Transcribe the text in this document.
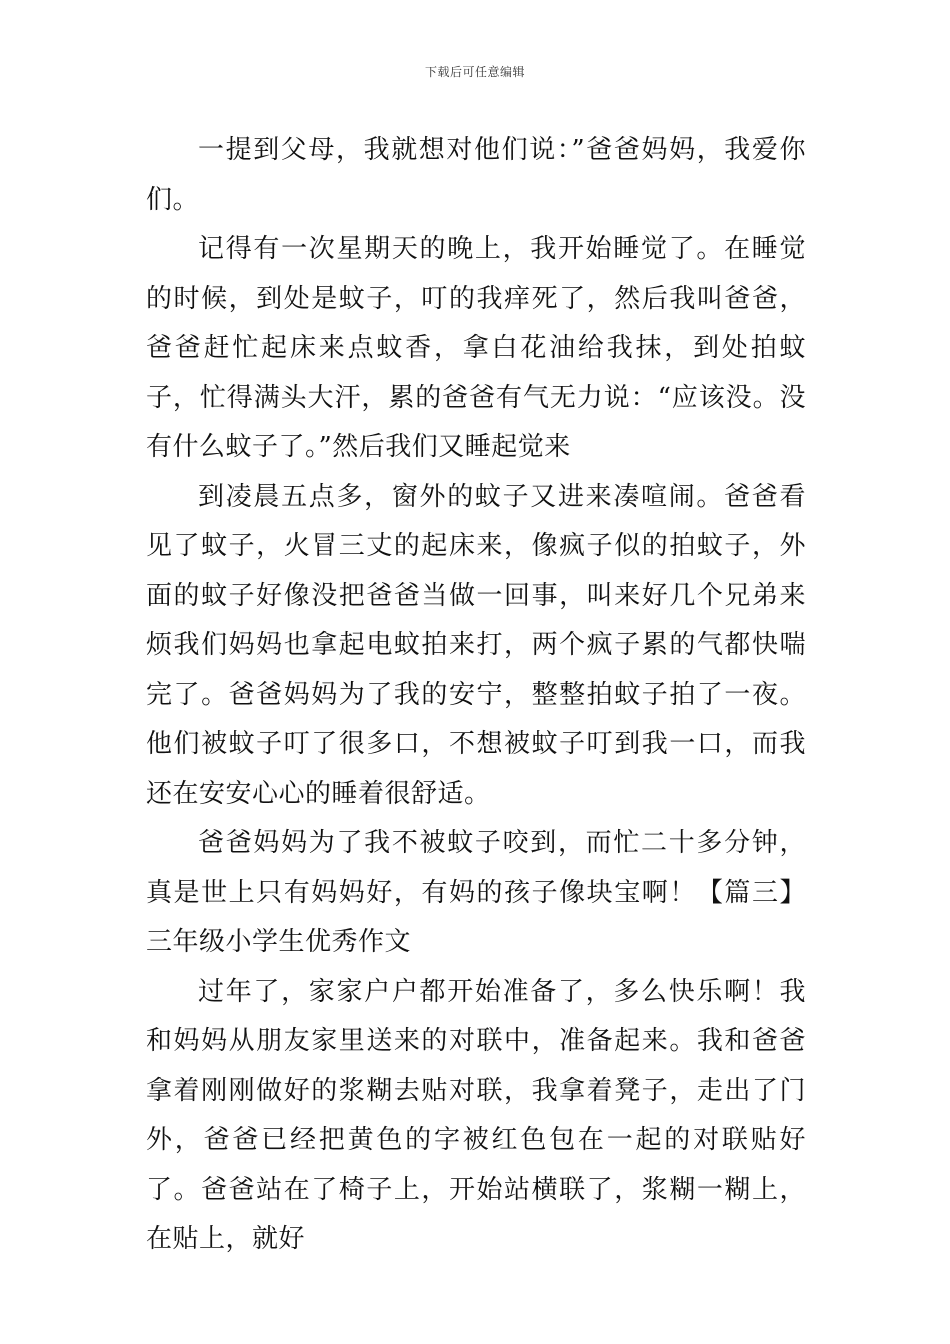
下载后可任意编辑

一提到父母，我就想对他们说：”爸爸妈妈，我爱你们。

记得有一次星期天的晚上，我开始睡觉了。在睡觉的时候，到处是蚊子，叮的我痒死了，然后我叫爸爸，爸爸赶忙起床来点蚊香，拿白花油给我抹，到处拍蚊子，忙得满头大汗，累的爸爸有气无力说：“应该没。没有什么蚊子了。”然后我们又睡起觉来

到凌晨五点多，窗外的蚊子又进来凑喧闹。爸爸看见了蚊子，火冒三丈的起床来，像疯子似的拍蚊子，外面的蚊子好像没把爸爸当做一回事，叫来好几个兄弟来烦我们妈妈也拿起电蚊拍来打，两个疯子累的气都快喘完了。爸爸妈妈为了我的安宁，整整拍蚊子拍了一夜。他们被蚊子叮了很多口，不想被蚊子叮到我一口，而我还在安安心心的睡着很舒适。

爸爸妈妈为了我不被蚊子咬到，而忙二十多分钟，真是世上只有妈妈好，有妈的孩子像块宝啊！【篇三】三年级小学生优秀作文

过年了，家家户户都开始准备了，多么快乐啊！我和妈妈从朋友家里送来的对联中，准备起来。我和爸爸拿着刚刚做好的浆糊去贴对联，我拿着凳子，走出了门外，爸爸已经把黄色的字被红色包在一起的对联贴好了。爸爸站在了椅子上，开始站横联了，浆糊一糊上，在贴上，就好
